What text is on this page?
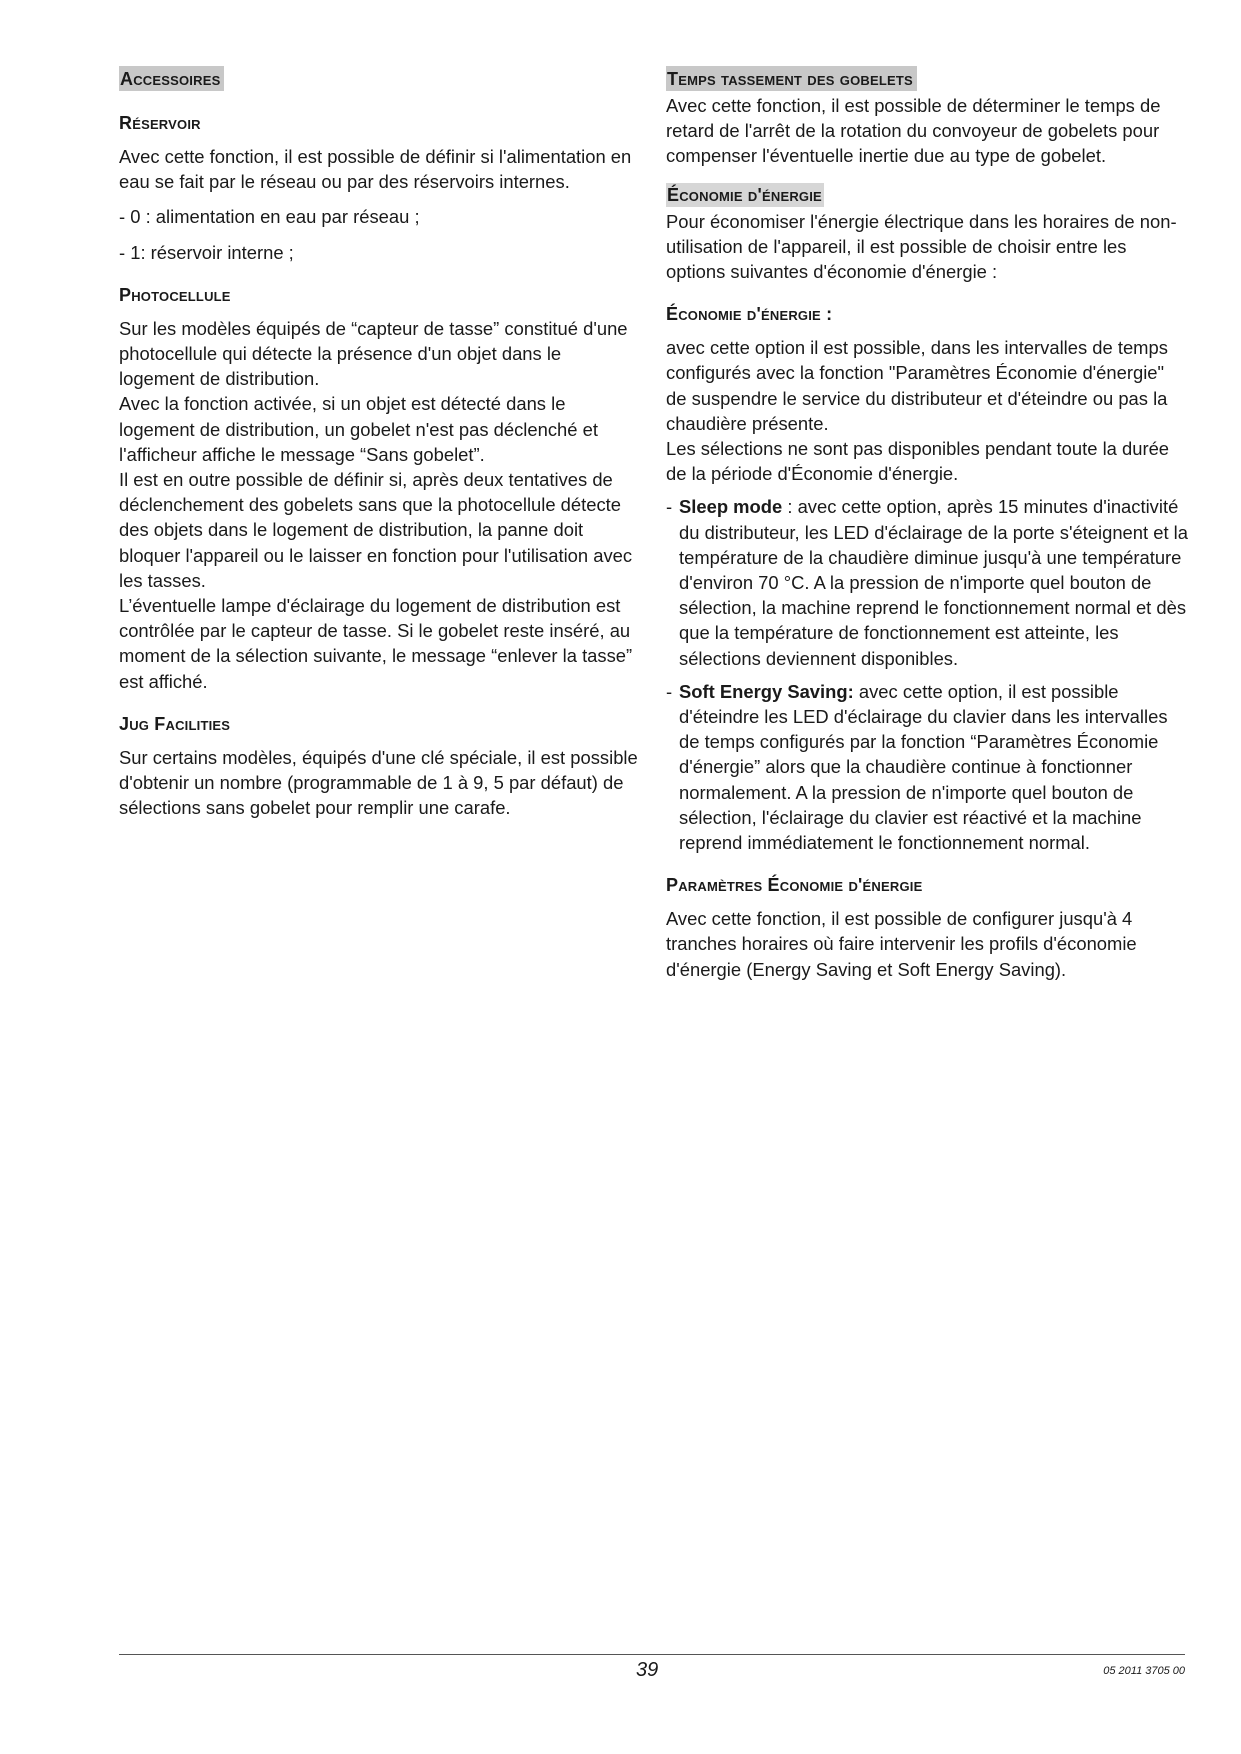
Accessoires
Réservoir

Avec cette fonction, il est possible de définir si l'alimentation en eau se fait par le réseau ou par des réservoirs internes.

- 0 : alimentation en eau par réseau ;

- 1: réservoir interne ;

Photocellule

Sur les modèles équipés de “capteur de tasse” constitué d'une photocellule qui détecte la présence d'un objet dans le logement de distribution.

Avec la fonction activée, si un objet est détecté dans le logement de distribution, un gobelet n'est pas déclenché et l'afficheur affiche le message “Sans gobelet”.

Il est en outre possible de définir si, après deux tentatives de déclenchement des gobelets sans que la photocellule détecte des objets dans le logement de distribution, la panne doit bloquer l'appareil ou le laisser en fonction pour l'utilisation avec les tasses.

L’éventuelle lampe d'éclairage du logement de distribution est contrôlée par le capteur de tasse. Si le gobelet reste inséré, au moment de la sélection suivante, le message “enlever la tasse” est affiché.

Jug Facilities

Sur certains modèles, équipés d'une clé spéciale, il est possible d'obtenir un nombre (programmable de 1 à 9, 5 par défaut) de sélections sans gobelet pour remplir une carafe.

Temps tassement des gobelets

Avec cette fonction, il est possible de déterminer le temps de retard de l'arrêt de la rotation du convoyeur de gobelets pour compenser l'éventuelle inertie due au type de gobelet.

Économie d'énergie

Pour économiser l'énergie électrique dans les horaires de non-utilisation de l'appareil, il est possible de choisir entre les options suivantes d'économie d'énergie :

Économie d'énergie :

avec cette option il est possible, dans les intervalles de temps configurés avec la fonction "Paramètres Économie d'énergie" de suspendre le service du distributeur et d'éteindre ou pas la chaudière présente.

Les sélections ne sont pas disponibles pendant toute la durée de la période d'Économie d'énergie.

- Sleep mode : avec cette option, après 15 minutes d'inactivité du distributeur, les LED d'éclairage de la porte s'éteignent et la température de la chaudière diminue jusqu'à une température d'environ 70 °C. A la pression de n'importe quel bouton de sélection, la machine reprend le fonctionnement normal et dès que la température de fonctionnement est atteinte, les sélections deviennent disponibles.
- Soft Energy Saving: avec cette option, il est possible d'éteindre les LED d'éclairage du clavier dans les intervalles de temps configurés par la fonction “Paramètres Économie d'énergie” alors que la chaudière continue à fonctionner normalement. A la pression de n'importe quel bouton de sélection, l'éclairage du clavier est réactivé et la machine reprend immédiatement le fonctionnement normal.
Paramètres Économie d'énergie

Avec cette fonction, il est possible de configurer jusqu'à 4 tranches horaires où faire intervenir les profils d'économie d'énergie (Energy Saving et Soft Energy Saving).

39	05 2011 3705 00
